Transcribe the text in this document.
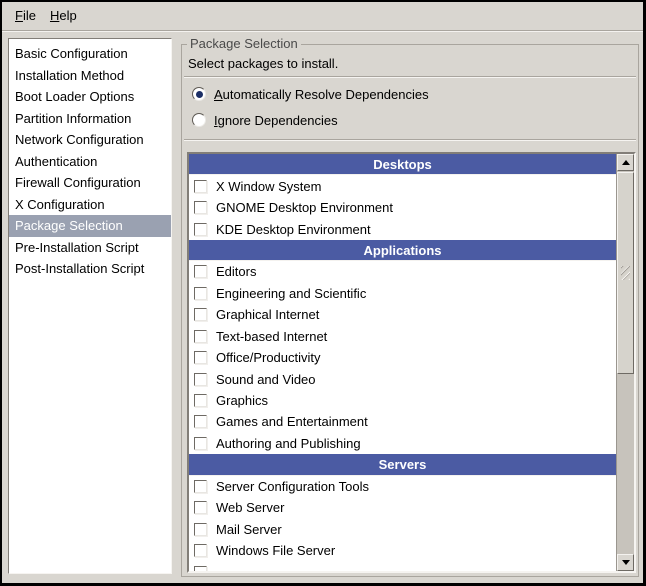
File Help
Basic Configuration
Installation Method
Boot Loader Options
Partition Information
Network Configuration
Authentication
Firewall Configuration
X Configuration
Package Selection
Pre-Installation Script
Post-Installation Script
Package Selection
Select packages to install.
Automatically Resolve Dependencies
Ignore Dependencies
Desktops
X Window System
GNOME Desktop Environment
KDE Desktop Environment
Applications
Editors
Engineering and Scientific
Graphical Internet
Text-based Internet
Office/Productivity
Sound and Video
Graphics
Games and Entertainment
Authoring and Publishing
Servers
Server Configuration Tools
Web Server
Mail Server
Windows File Server
